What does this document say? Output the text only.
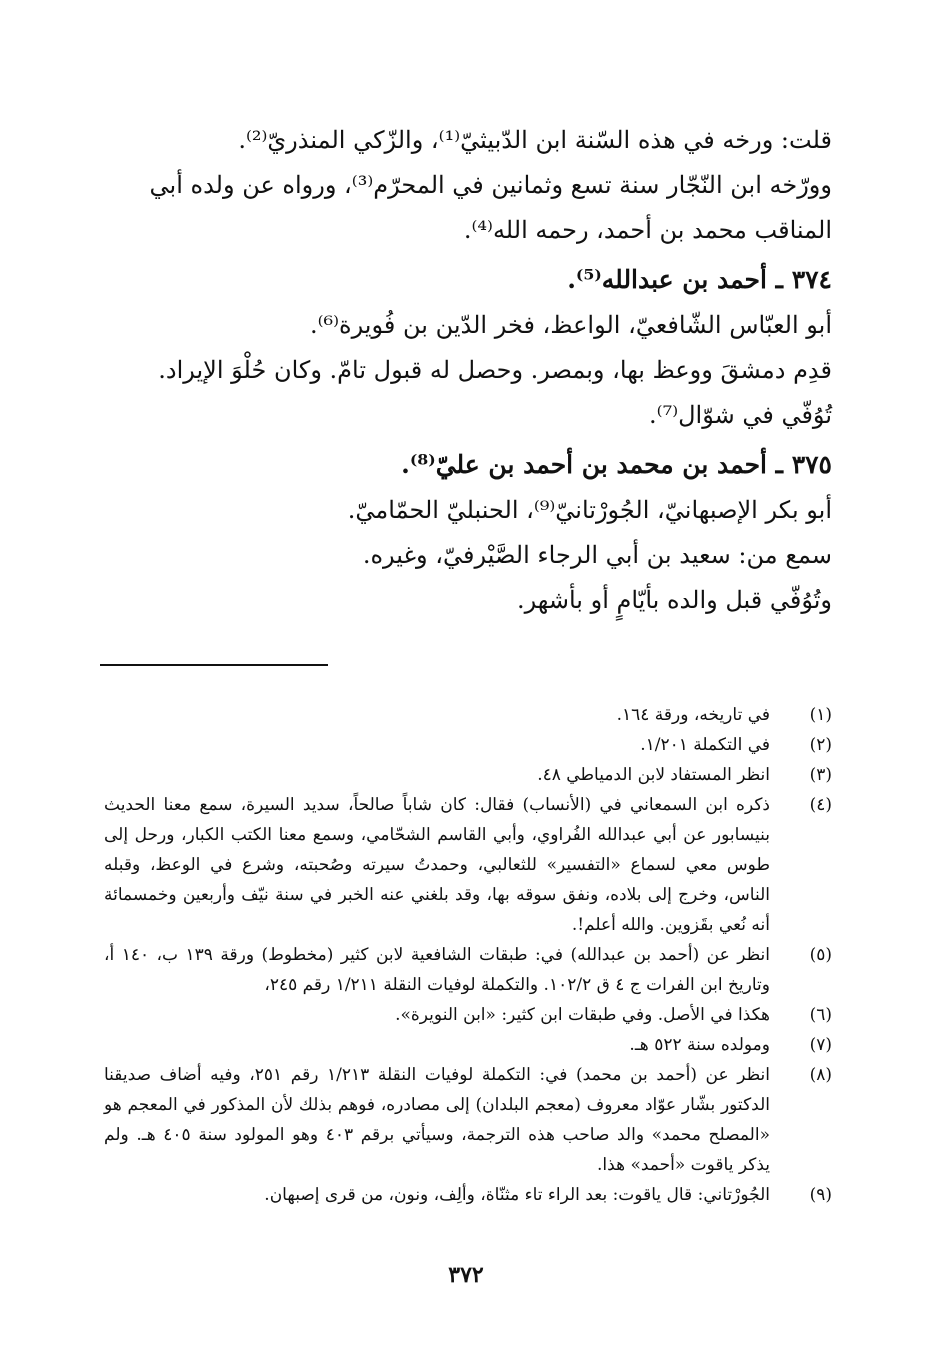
قلت: ورخه في هذه السّنة ابن الدّبيثيّ⁽¹⁾، والزّكي المنذريّ⁽²⁾.

وورّخه ابن النّجّار سنة تسع وثمانين في المحرّم⁽³⁾، ورواه عن ولده أبي

المناقب محمد بن أحمد، رحمه الله⁽⁴⁾.

٣٧٤ ـ أحمد بن عبدالله⁽⁵⁾.

أبو العبّاس الشّافعيّ، الواعظ، فخر الدّين بن فُويرة⁽⁶⁾.

قدِم دمشقَ ووعظ بها، وبمصر. وحصل له قبول تامّ. وكان حُلْوَ الإيراد.

تُوُفّي في شوّال⁽⁷⁾.

٣٧٥ ـ أحمد بن محمد بن أحمد بن عليّ⁽⁸⁾.

أبو بكر الإصبهانيّ، الجُورْتانيّ⁽⁹⁾، الحنبليّ الحمّاميّ.

سمع من: سعيد بن أبي الرجاء الصَّيْرفيّ، وغيره.

وتُوُفّي قبل والده بأيّامٍ أو بأشهر.

(١)
في تاريخه، ورقة ١٦٤.
(٢)
في التكملة ١/٢٠١.
(٣)
انظر المستفاد لابن الدمياطي ٤٨.
(٤)
ذكره ابن السمعاني في (الأنساب) فقال: كان شاباً صالحاً، سديد السيرة، سمع معنا الحديث بنيسابور عن أبي عبدالله الفُراوي، وأبي القاسم الشحّامي، وسمع معنا الكتب الكبار، ورحل إلى طوس معي لسماع «التفسير» للثعالبي، وحمدتُ سيرته وصُحبته، وشرع في الوعظ، وقبله الناس، وخرج إلى بلاده، ونفق سوقه بها، وقد بلغني عنه الخبر في سنة نيّف وأربعين وخمسمائة أنه نُعي بقَزوين. والله أعلم!.
(٥)
انظر عن (أحمد بن عبدالله) في: طبقات الشافعية لابن كثير (مخطوط) ورقة ١٣٩ ب، ١٤٠ أ، وتاريخ ابن الفرات ج ٤ ق ١٠٢/٢. والتكملة لوفيات النقلة ١/٢١١ رقم ٢٤٥،
(٦)
هكذا في الأصل. وفي طبقات ابن كثير: «ابن النويرة».
(٧)
ومولده سنة ٥٢٢ هـ.
(٨)
انظر عن (أحمد بن محمد) في: التكملة لوفيات النقلة ١/٢١٣ رقم ٢٥١، وفيه أضاف صديقنا الدكتور بشّار عوّاد معروف (معجم البلدان) إلى مصادره، فوهم بذلك لأن المذكور في المعجم هو «المصلح محمد» والد صاحب هذه الترجمة، وسيأتي برقم ٤٠٣ وهو المولود سنة ٤٠٥ هـ. ولم يذكر ياقوت «أحمد» هذا.
(٩)
الجُورْتاني: قال ياقوت: بعد الراء تاء مثنّاة، وألِف، ونون، من قرى إصبهان.
٣٧٢
